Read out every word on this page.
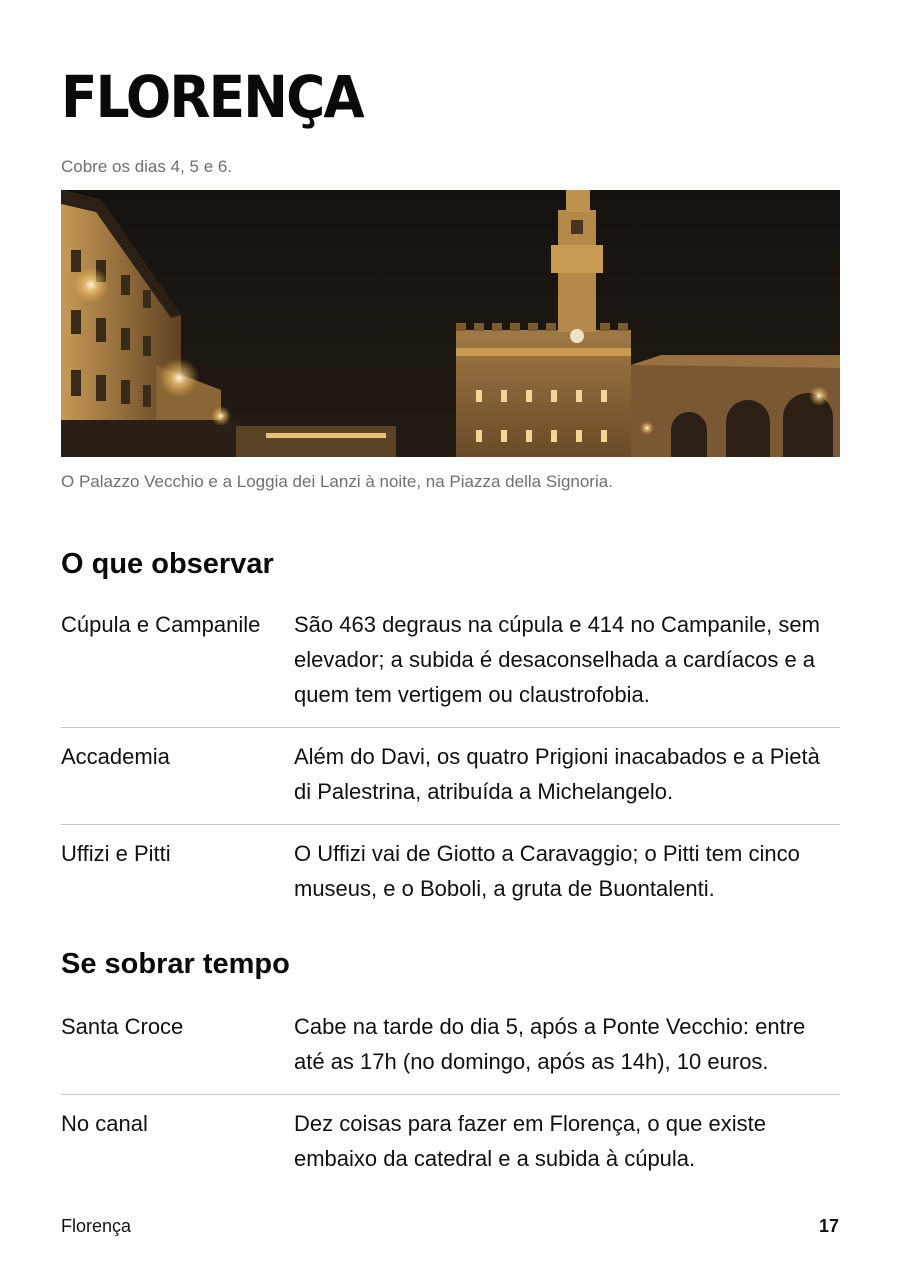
FLORENÇA

Cobre os dias 4, 5 e 6.

O Palazzo Vecchio e a Loggia dei Lanzi à noite, na Piazza della Signoria.

O que observar
Cúpula e Campanile	São 463 degraus na cúpula e 414 no Campanile, sem elevador; a subida é desaconselhada a cardíacos e a quem tem vertigem ou claustrofobia.
Accademia	Além do Davi, os quatro Prigioni inacabados e a Pietà di Palestrina, atribuída a Michelangelo.
Uffizi e Pitti	O Uffizi vai de Giotto a Caravaggio; o Pitti tem cinco museus, e o Boboli, a gruta de Buontalenti.
Se sobrar tempo
Santa Croce	Cabe na tarde do dia 5, após a Ponte Vecchio: entre até as 17h (no domingo, após as 14h), 10 euros.
No canal	Dez coisas para fazer em Florença, o que existe embaixo da catedral e a subida à cúpula.
Florença	17
